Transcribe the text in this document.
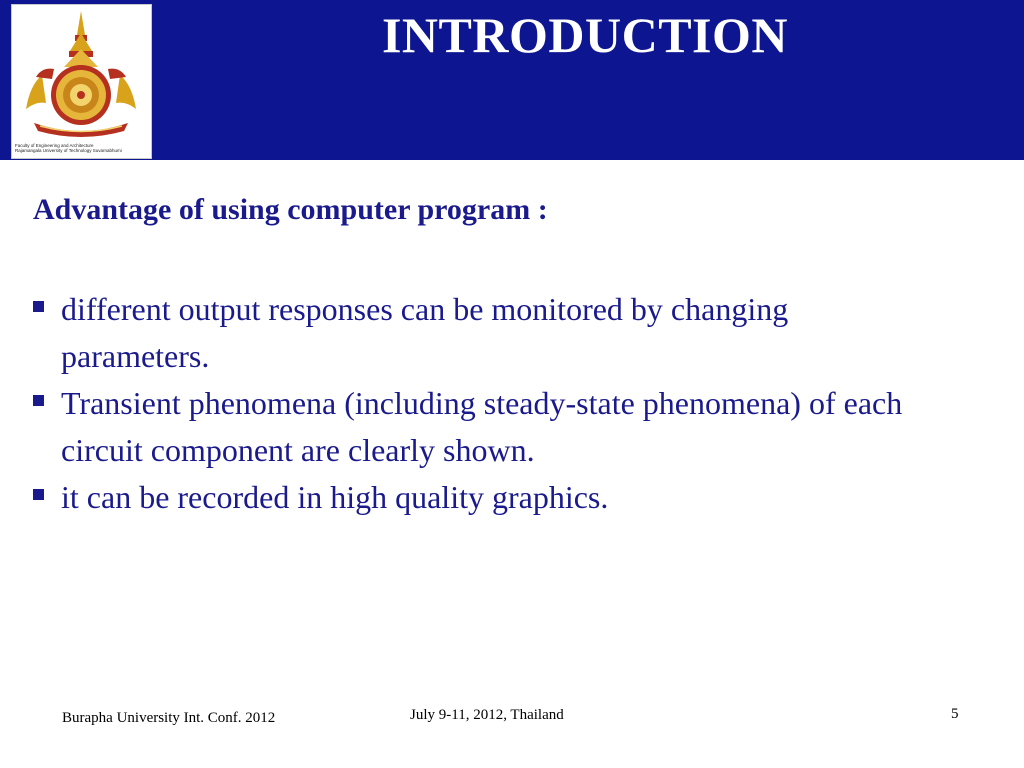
Faculty of Engineering and Architecture
Rajamangala University of Technology Suvarnabhumi
INTRODUCTION
Advantage of using computer program :
different output responses can be monitored by changing parameters.
Transient phenomena (including steady-state phenomena) of each circuit component are clearly shown.
it can be recorded in high quality graphics.
Burapha University Int. Conf. 2012	July 9-11, 2012, Thailand	5
